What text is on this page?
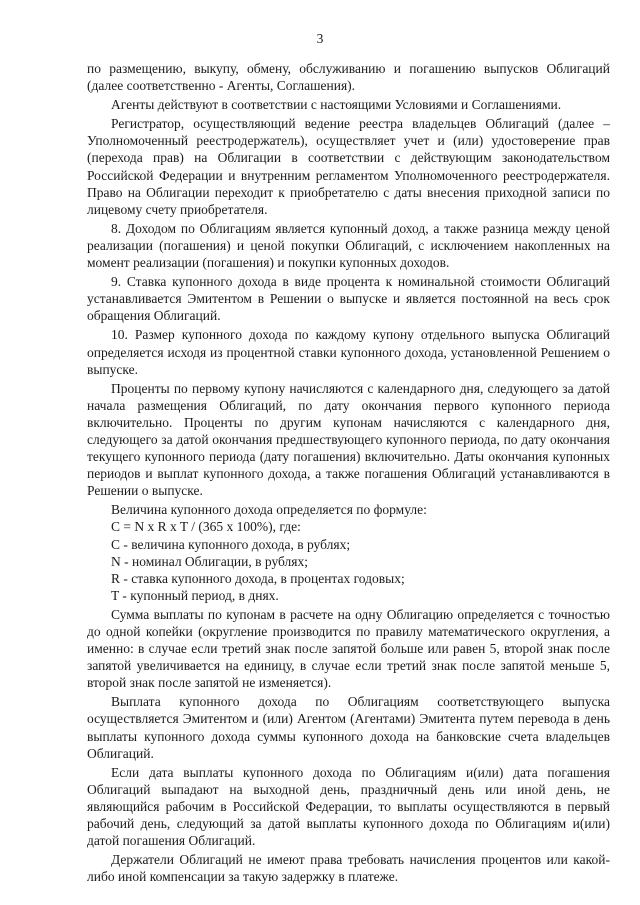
3

по размещению, выкупу, обмену, обслуживанию и погашению выпусков Облигаций (далее соответственно - Агенты, Соглашения).

Агенты действуют в соответствии с настоящими Условиями и Соглашениями.

Регистратор, осуществляющий ведение реестра владельцев Облигаций (далее – Уполномоченный реестродержатель), осуществляет учет и (или) удостоверение прав (перехода прав) на Облигации в соответствии с действующим законодательством Российской Федерации и внутренним регламентом Уполномоченного реестродержателя. Право на Облигации переходит к приобретателю с даты внесения приходной записи по лицевому счету приобретателя.

8. Доходом по Облигациям является купонный доход, а также разница между ценой реализации (погашения) и ценой покупки Облигаций, с исключением накопленных на момент реализации (погашения) и покупки купонных доходов.

9. Ставка купонного дохода в виде процента к номинальной стоимости Облигаций устанавливается Эмитентом в Решении о выпуске и является постоянной на весь срок обращения Облигаций.

10. Размер купонного дохода по каждому купону отдельного выпуска Облигаций определяется исходя из процентной ставки купонного дохода, установленной Решением о выпуске.

Проценты по первому купону начисляются с календарного дня, следующего за датой начала размещения Облигаций, по дату окончания первого купонного периода включительно. Проценты по другим купонам начисляются с календарного дня, следующего за датой окончания предшествующего купонного периода, по дату окончания текущего купонного периода (дату погашения) включительно. Даты окончания купонных периодов и выплат купонного дохода, а также погашения Облигаций устанавливаются в Решении о выпуске.

Величина купонного дохода определяется по формуле:

C = N x R x T / (365 x 100%), где:

C - величина купонного дохода, в рублях;

N - номинал Облигации, в рублях;

R - ставка купонного дохода, в процентах годовых;

T - купонный период, в днях.

Сумма выплаты по купонам в расчете на одну Облигацию определяется с точностью до одной копейки (округление производится по правилу математического округления, а именно: в случае если третий знак после запятой больше или равен 5, второй знак после запятой увеличивается на единицу, в случае если третий знак после запятой меньше 5, второй знак после запятой не изменяется).

Выплата купонного дохода по Облигациям соответствующего выпуска осуществляется Эмитентом и (или) Агентом (Агентами) Эмитента путем перевода в день выплаты купонного дохода суммы купонного дохода на банковские счета владельцев Облигаций.

Если дата выплаты купонного дохода по Облигациям и(или) дата погашения Облигаций выпадают на выходной день, праздничный день или иной день, не являющийся рабочим в Российской Федерации, то выплаты осуществляются в первый рабочий день, следующий за датой выплаты купонного дохода по Облигациям и(или) датой погашения Облигаций.

Держатели Облигаций не имеют права требовать начисления процентов или какой-либо иной компенсации за такую задержку в платеже.
